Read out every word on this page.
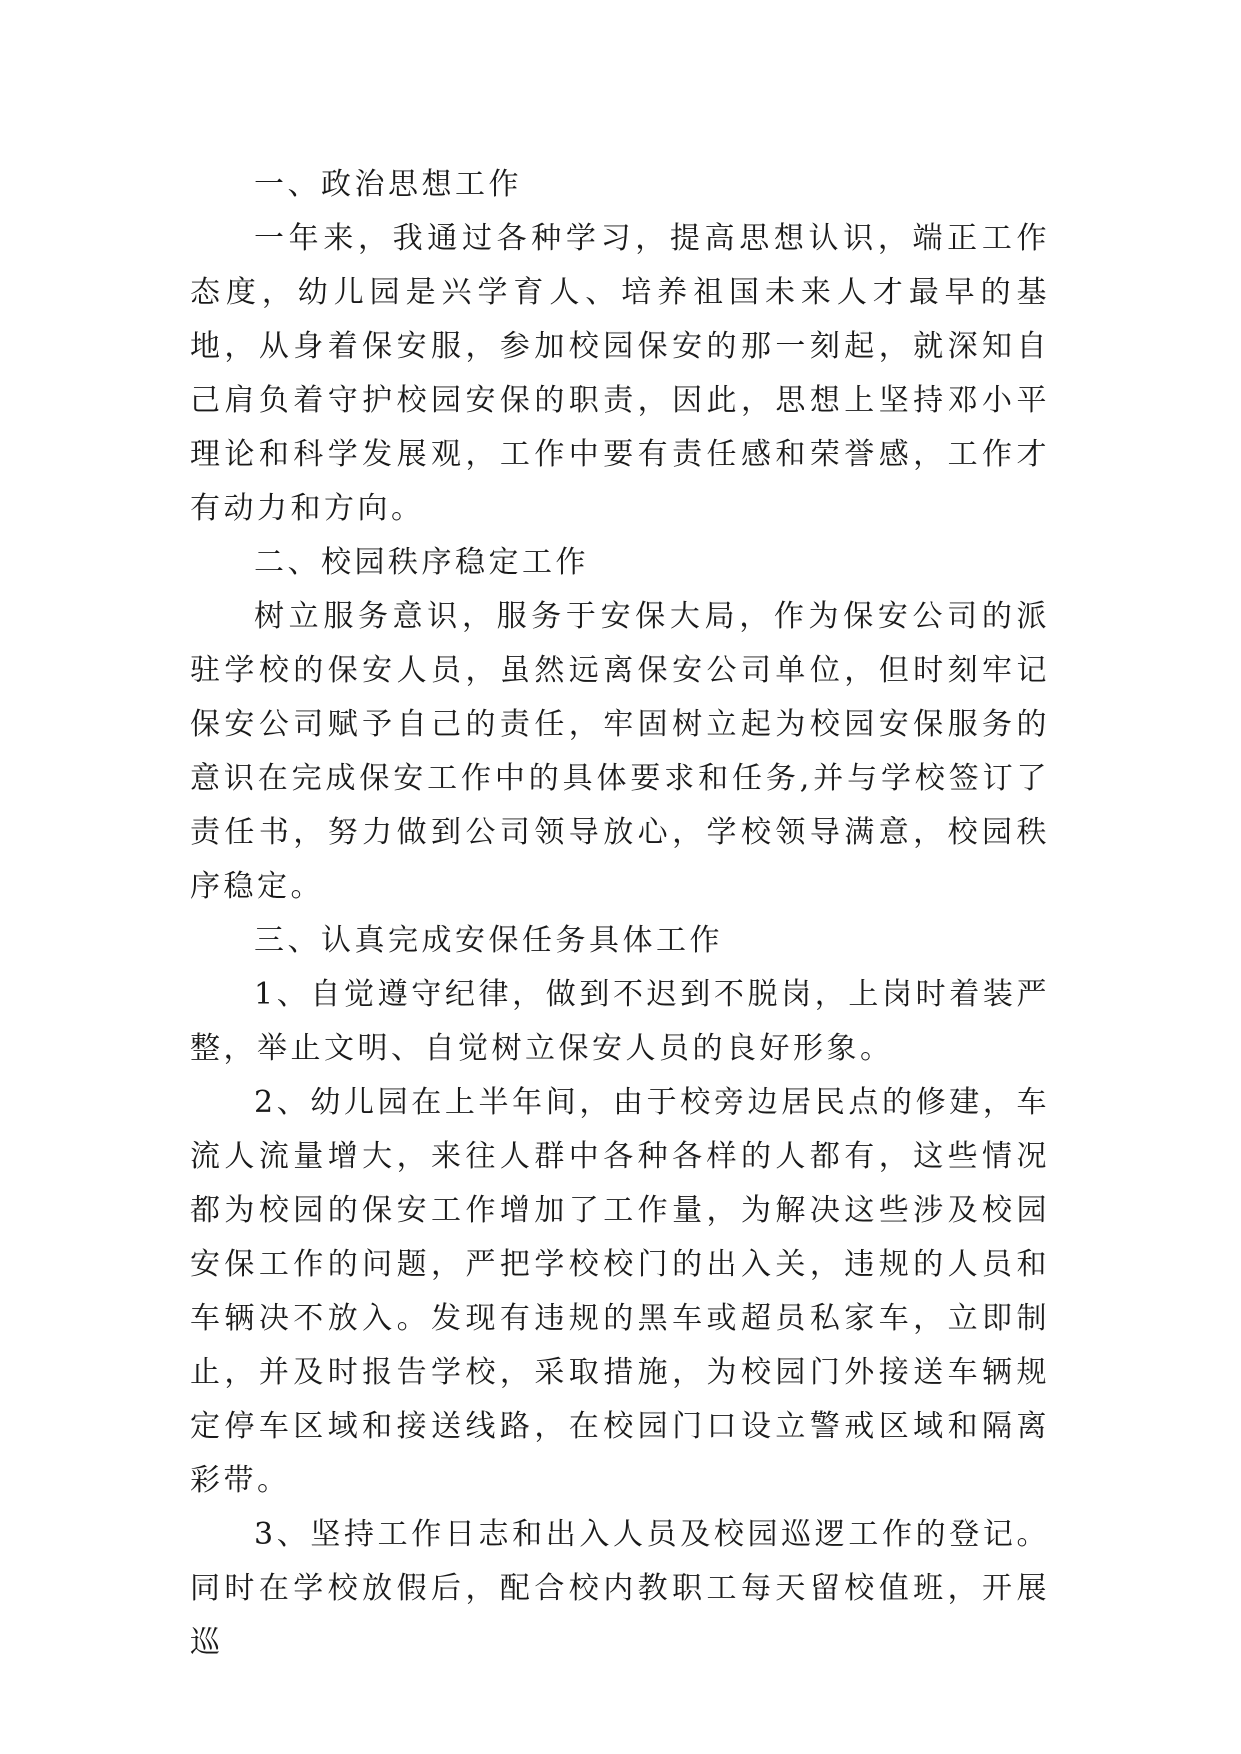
一、政治思想工作

一年来，我通过各种学习，提高思想认识，端正工作态度，幼儿园是兴学育人、培养祖国未来人才最早的基地，从身着保安服，参加校园保安的那一刻起，就深知自己肩负着守护校园安保的职责，因此，思想上坚持邓小平理论和科学发展观，工作中要有责任感和荣誉感，工作才有动力和方向。

二、校园秩序稳定工作

树立服务意识，服务于安保大局，作为保安公司的派驻学校的保安人员，虽然远离保安公司单位，但时刻牢记保安公司赋予自己的责任，牢固树立起为校园安保服务的意识在完成保安工作中的具体要求和任务,并与学校签订了责任书，努力做到公司领导放心，学校领导满意，校园秩序稳定。

三、认真完成安保任务具体工作

1、自觉遵守纪律，做到不迟到不脱岗，上岗时着装严整，举止文明、自觉树立保安人员的良好形象。

2、幼儿园在上半年间，由于校旁边居民点的修建，车流人流量增大，来往人群中各种各样的人都有，这些情况都为校园的保安工作增加了工作量，为解决这些涉及校园安保工作的问题，严把学校校门的出入关，违规的人员和车辆决不放入。发现有违规的黑车或超员私家车，立即制止，并及时报告学校，采取措施，为校园门外接送车辆规定停车区域和接送线路，在校园门口设立警戒区域和隔离彩带。

3、坚持工作日志和出入人员及校园巡逻工作的登记。同时在学校放假后，配合校内教职工每天留校值班，开展巡
